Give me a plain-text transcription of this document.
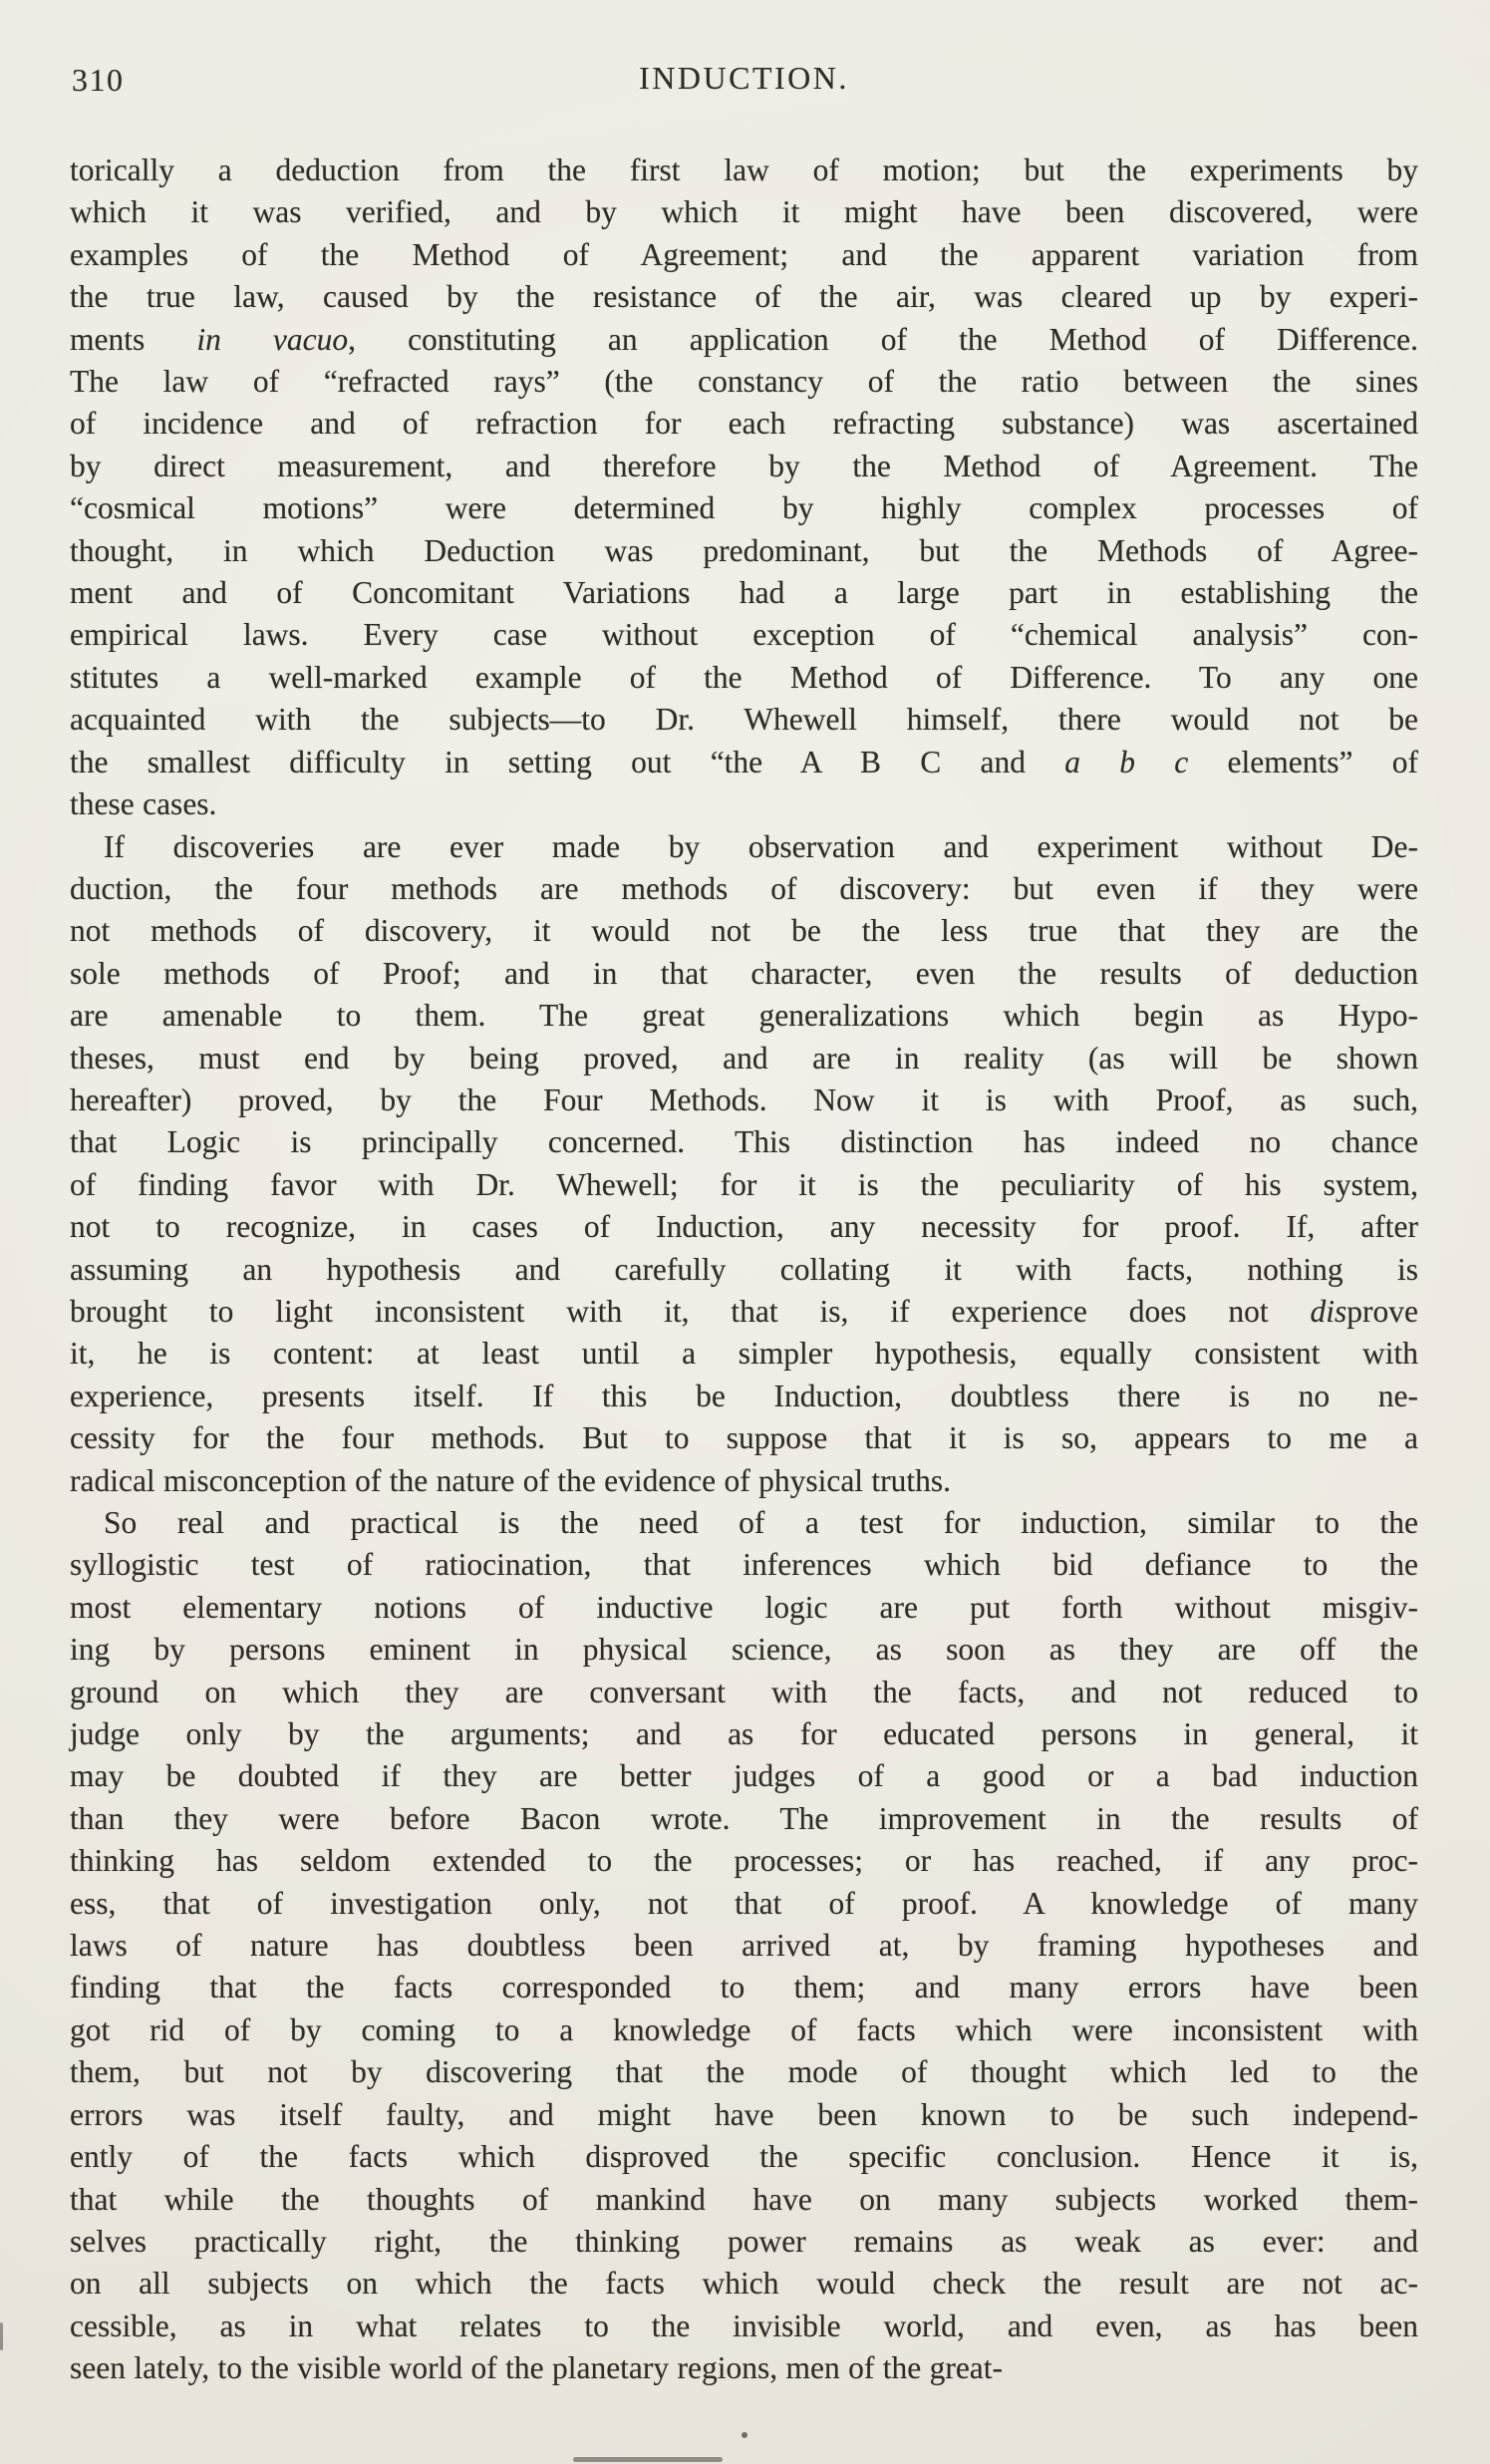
310	INDUCTION.

torically a deduction from the first law of motion; but the experiments by
which it was verified, and by which it might have been discovered, were
examples of the Method of Agreement; and the apparent variation from
the true law, caused by the resistance of the air, was cleared up by experi-
ments in vacuo, constituting an application of the Method of Difference.
The law of “refracted rays” (the constancy of the ratio between the sines
of incidence and of refraction for each refracting substance) was ascertained
by direct measurement, and therefore by the Method of Agreement. The
“cosmical motions” were determined by highly complex processes of
thought, in which Deduction was predominant, but the Methods of Agree-
ment and of Concomitant Variations had a large part in establishing the
empirical laws. Every case without exception of “chemical analysis” con-
stitutes a well-marked example of the Method of Difference. To any one
acquainted with the subjects—to Dr. Whewell himself, there would not be
the smallest difficulty in setting out “the A B C and a b c elements” of
these cases.

If discoveries are ever made by observation and experiment without De-
duction, the four methods are methods of discovery: but even if they were
not methods of discovery, it would not be the less true that they are the
sole methods of Proof; and in that character, even the results of deduction
are amenable to them. The great generalizations which begin as Hypo-
theses, must end by being proved, and are in reality (as will be shown
hereafter) proved, by the Four Methods. Now it is with Proof, as such,
that Logic is principally concerned. This distinction has indeed no chance
of finding favor with Dr. Whewell; for it is the peculiarity of his system,
not to recognize, in cases of Induction, any necessity for proof. If, after
assuming an hypothesis and carefully collating it with facts, nothing is
brought to light inconsistent with it, that is, if experience does not disprove
it, he is content: at least until a simpler hypothesis, equally consistent with
experience, presents itself. If this be Induction, doubtless there is no ne-
cessity for the four methods. But to suppose that it is so, appears to me a
radical misconception of the nature of the evidence of physical truths.

So real and practical is the need of a test for induction, similar to the
syllogistic test of ratiocination, that inferences which bid defiance to the
most elementary notions of inductive logic are put forth without misgiv-
ing by persons eminent in physical science, as soon as they are off the
ground on which they are conversant with the facts, and not reduced to
judge only by the arguments; and as for educated persons in general, it
may be doubted if they are better judges of a good or a bad induction
than they were before Bacon wrote. The improvement in the results of
thinking has seldom extended to the processes; or has reached, if any proc-
ess, that of investigation only, not that of proof. A knowledge of many
laws of nature has doubtless been arrived at, by framing hypotheses and
finding that the facts corresponded to them; and many errors have been
got rid of by coming to a knowledge of facts which were inconsistent with
them, but not by discovering that the mode of thought which led to the
errors was itself faulty, and might have been known to be such independ-
ently of the facts which disproved the specific conclusion. Hence it is,
that while the thoughts of mankind have on many subjects worked them-
selves practically right, the thinking power remains as weak as ever: and
on all subjects on which the facts which would check the result are not ac-
cessible, as in what relates to the invisible world, and even, as has been
seen lately, to the visible world of the planetary regions, men of the great-
